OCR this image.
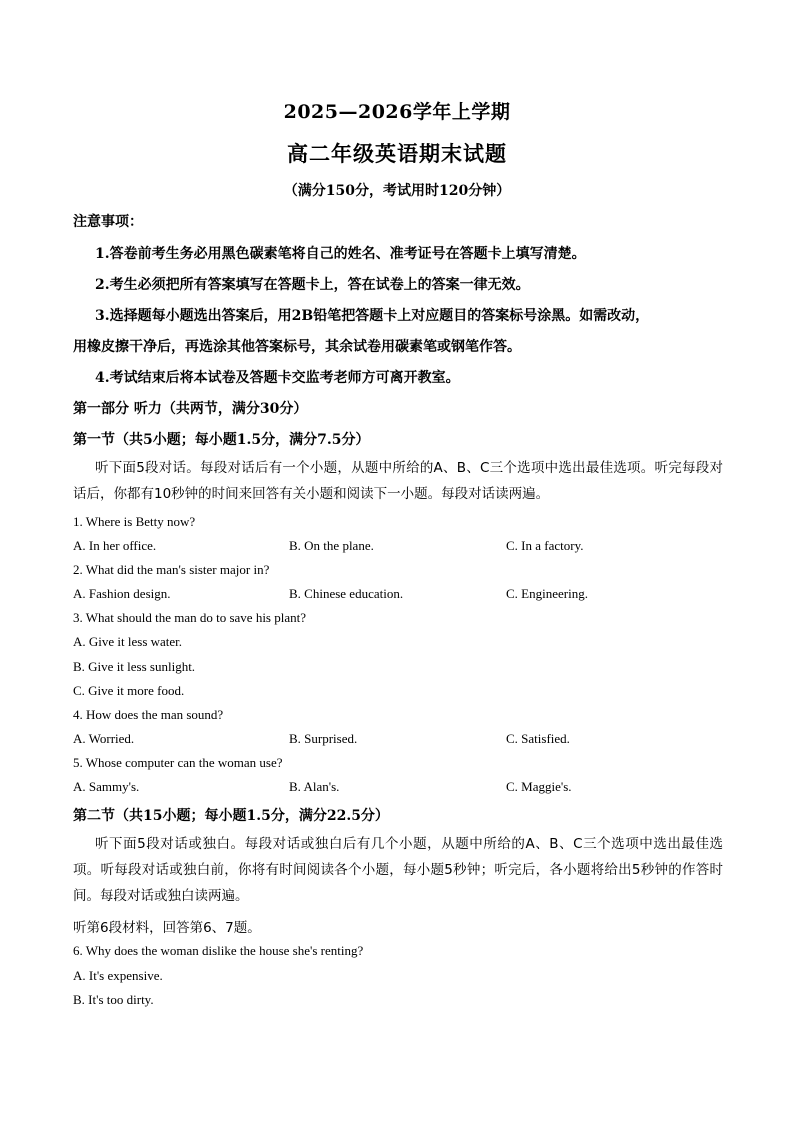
2025—2026学年上学期
高二年级英语期末试题
（满分150分，考试用时120分钟）
注意事项：
1.答卷前考生务必用黑色碳素笔将自己的姓名、准考证号在答题卡上填写清楚。
2.考生必须把所有答案填写在答题卡上，答在试卷上的答案一律无效。
3.选择题每小题选出答案后，用2B铅笔把答题卡上对应题目的答案标号涂黑。如需改动，
用橡皮擦干净后，再选涂其他答案标号，其余试卷用碳素笔或钢笔作答。
4.考试结束后将本试卷及答题卡交监考老师方可离开教室。
第一部分 听力（共两节，满分30分）
第一节（共5小题；每小题1.5分，满分7.5分）
听下面5段对话。每段对话后有一个小题，从题中所给的A、B、C三个选项中选出最佳选项。听完每段对话后，你都有10秒钟的时间来回答有关小题和阅读下一小题。每段对话读两遍。
1. Where is Betty now?
A. In her office.	B. On the plane.	C. In a factory.
2. What did the man's sister major in?
A. Fashion design.	B. Chinese education.	C. Engineering.
3. What should the man do to save his plant?
A. Give it less water.
B. Give it less sunlight.
C. Give it more food.
4. How does the man sound?
A. Worried.	B. Surprised.	C. Satisfied.
5. Whose computer can the woman use?
A. Sammy's.	B. Alan's.	C. Maggie's.
第二节（共15小题；每小题1.5分，满分22.5分）
听下面5段对话或独白。每段对话或独白后有几个小题，从题中所给的A、B、C三个选项中选出最佳选项。听每段对话或独白前，你将有时间阅读各个小题，每小题5秒钟；听完后，各小题将给出5秒钟的作答时间。每段对话或独白读两遍。
听第6段材料，回答第6、7题。
6. Why does the woman dislike the house she's renting?
A. It's expensive.
B. It's too dirty.
